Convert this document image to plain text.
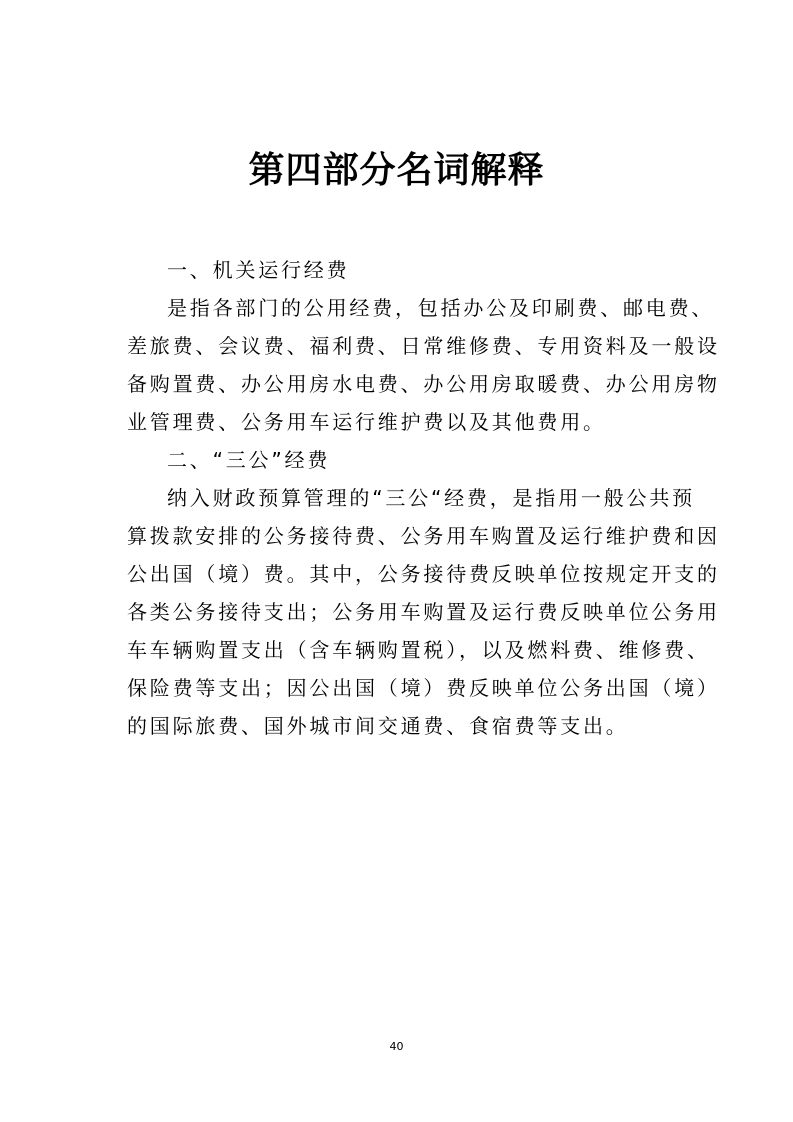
第四部分名词解释
一、机关运行经费
是指各部门的公用经费，包括办公及印刷费、邮电费、
差旅费、会议费、福利费、日常维修费、专用资料及一般设
备购置费、办公用房水电费、办公用房取暖费、办公用房物
业管理费、公务用车运行维护费以及其他费用。
二、“三公”经费
纳入财政预算管理的“三公“经费，是指用一般公共预
算拨款安排的公务接待费、公务用车购置及运行维护费和因
公出国（境）费。其中，公务接待费反映单位按规定开支的
各类公务接待支出；公务用车购置及运行费反映单位公务用
车车辆购置支出（含车辆购置税），以及燃料费、维修费、
保险费等支出；因公出国（境）费反映单位公务出国（境）
的国际旅费、国外城市间交通费、食宿费等支出。
40
